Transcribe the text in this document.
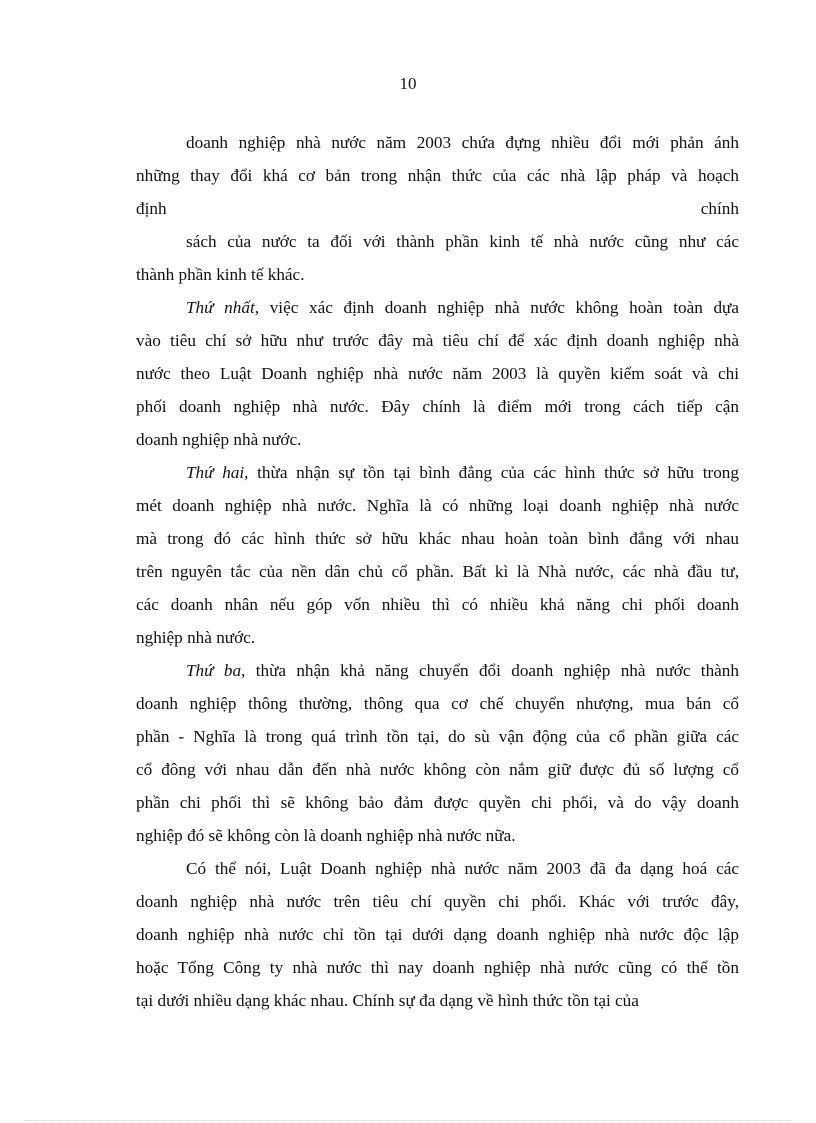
10
doanh nghiệp nhà nước năm 2003 chứa đựng nhiều đổi mới phản ánh
những thay đổi khá cơ bản trong nhận thức của các nhà lập pháp và hoạch
định chính
sách của nước ta đối với thành phần kinh tế nhà nước cũng như các
thành phần kinh tế khác.
Thứ nhất, việc xác định doanh nghiệp nhà nước không hoàn toàn dựa
vào tiêu chí sở hữu như trước đây mà tiêu chí để xác định doanh nghiệp nhà
nước theo Luật Doanh nghiệp nhà nước năm 2003 là quyền kiểm soát và chi
phối doanh nghiệp nhà nước. Đây chính là điểm mới trong cách tiếp cận
doanh nghiệp nhà nước.
Thứ hai, thừa nhận sự tồn tại bình đẳng của các hình thức sở hữu trong
mét doanh nghiệp nhà nước. Nghĩa là có những loại doanh nghiệp nhà nước
mà trong đó các hình thức sở hữu khác nhau hoàn toàn bình đẳng với nhau
trên nguyên tắc của nền dân chủ cổ phần. Bất kì là Nhà nước, các nhà đầu tư,
các doanh nhân nếu góp vốn nhiều thì có nhiều khả năng chi phối doanh
nghiệp nhà nước.
Thứ ba, thừa nhận khả năng chuyển đổi doanh nghiệp nhà nước thành
doanh nghiệp thông thường, thông qua cơ chế chuyển nhượng, mua bán cổ
phần - Nghĩa là trong quá trình tồn tại, do sù vận động của cổ phần giữa các
cổ đông với nhau dẫn đến nhà nước không còn nắm giữ được đủ số lượng cổ
phần chi phối thì sẽ không bảo đảm được quyền chi phối, và do vậy doanh
nghiệp đó sẽ không còn là doanh nghiệp nhà nước nữa.
Có thể nói, Luật Doanh nghiệp nhà nước năm 2003 đã đa dạng hoá các
doanh nghiệp nhà nước trên tiêu chí quyền chi phối. Khác với trước đây,
doanh nghiệp nhà nước chỉ tồn tại dưới dạng doanh nghiệp nhà nước độc lập
hoặc Tổng Công ty nhà nước thì nay doanh nghiệp nhà nước cũng có thể tồn
tại dưới nhiều dạng khác nhau. Chính sự đa dạng về hình thức tồn tại của
